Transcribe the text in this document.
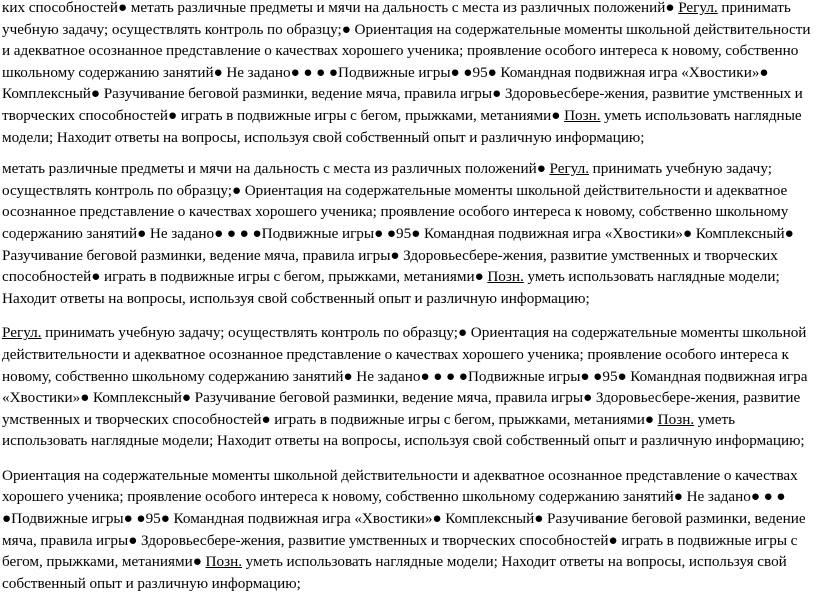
ких способностей● метать различные предметы и мячи на дальность с места из различных положений● Регул. принимать учебную задачу; осуществлять контроль по образцу;● Ориентация на содержательные моменты школьной действительности и адекватное осознанное представление о качествах хорошего ученика; проявление особого интереса к новому, собственно школьному содержанию занятий● Не задано● ● ● ●Подвижные игры● ●95● Командная подвижная игра «Хвостики»● Комплексный● Разучивание беговой разминки, ведение мяча, правила игры● Здоровьесбере-жения, развитие умственных и творческих способностей● играть в подвижные игры с бегом, прыжками, метаниями● Позн. уметь использовать наглядные модели; Находит ответы на вопросы, используя свой собственный опыт и различную информацию;

метать различные предметы и мячи на дальность с места из различных положений● Регул. принимать учебную задачу; осуществлять контроль по образцу;● Ориентация на содержательные моменты школьной действительности и адекватное осознанное представление о качествах хорошего ученика; проявление особого интереса к новому, собственно школьному содержанию занятий● Не задано● ● ● ●Подвижные игры● ●95● Командная подвижная игра «Хвостики»● Комплексный● Разучивание беговой разминки, ведение мяча, правила игры● Здоровьесбере-жения, развитие умственных и творческих способностей● играть в подвижные игры с бегом, прыжками, метаниями● Позн. уметь использовать наглядные модели; Находит ответы на вопросы, используя свой собственный опыт и различную информацию;

Регул. принимать учебную задачу; осуществлять контроль по образцу;● Ориентация на содержательные моменты школьной действительности и адекватное осознанное представление о качествах хорошего ученика; проявление особого интереса к новому, собственно школьному содержанию занятий● Не задано● ● ● ●Подвижные игры● ●95● Командная подвижная игра «Хвостики»● Комплексный● Разучивание беговой разминки, ведение мяча, правила игры● Здоровьесбере-жения, развитие умственных и творческих способностей● играть в подвижные игры с бегом, прыжками, метаниями● Позн. уметь использовать наглядные модели; Находит ответы на вопросы, используя свой собственный опыт и различную информацию;

Ориентация на содержательные моменты школьной действительности и адекватное осознанное представление о качествах хорошего ученика; проявление особого интереса к новому, собственно школьному содержанию занятий● Не задано● ● ● ●Подвижные игры● ●95● Командная подвижная игра «Хвостики»● Комплексный● Разучивание беговой разминки, ведение мяча, правила игры● Здоровьесбере-жения, развитие умственных и творческих способностей● играть в подвижные игры с бегом, прыжками, метаниями● Позн. уметь использовать наглядные модели; Находит ответы на вопросы, используя свой собственный опыт и различную информацию;
